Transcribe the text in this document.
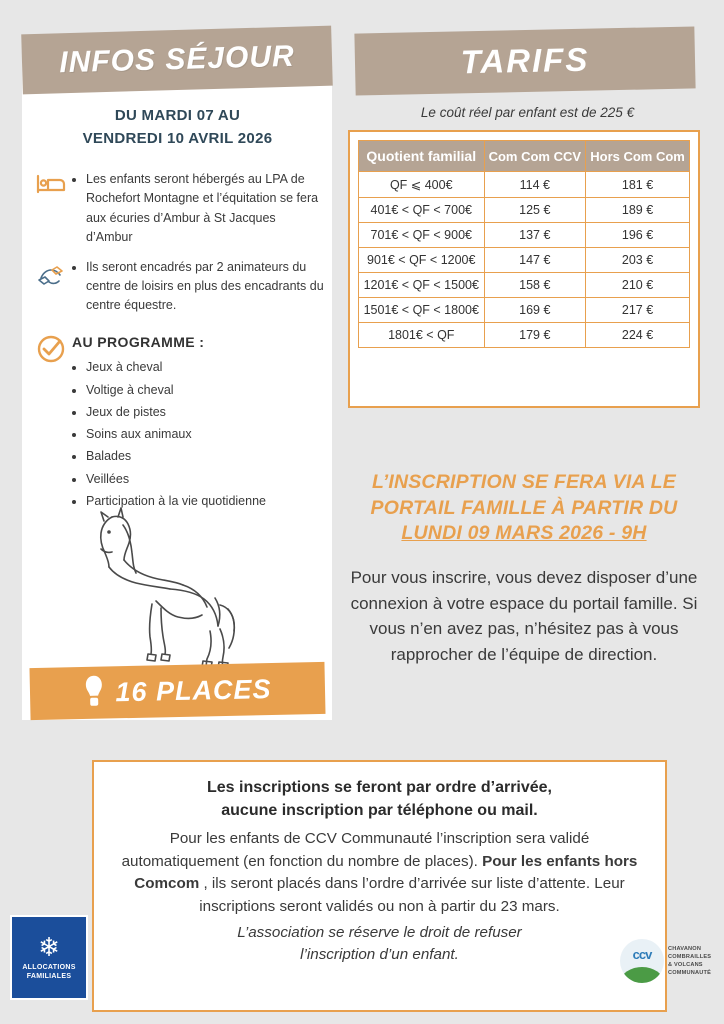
INFOS SÉJOUR
DU MARDI 07 AU
VENDREDI 10 AVRIL 2026
• Les enfants seront hébergés au LPA de Rochefort Montagne et l’équitation se fera aux écuries d’Ambur à St Jacques d’Ambur
• Ils seront encadrés par 2 animateurs du centre de loisirs en plus des encadrants du centre équestre.
AU PROGRAMME :
• Jeux à cheval
• Voltige à cheval
• Jeux de pistes
• Soins aux animaux
• Balades
• Veillées
• Participation à la vie quotidienne
16 PLACES
TARIFS
Le coût réel par enfant est de 225 €
Quotient familial	Com Com CCV	Hors Com Com
QF ⩽ 400€	114 €	181 €
401€ < QF < 700€	125 €	189 €
701€ < QF < 900€	137 €	196 €
901€ < QF < 1200€	147 €	203 €
1201€ < QF < 1500€	158 €	210 €
1501€ < QF < 1800€	169 €	217 €
1801€ < QF	179 €	224 €
L’INSCRIPTION SE FERA VIA LE
PORTAIL FAMILLE À PARTIR DU
LUNDI 09 MARS 2026 - 9H
Pour vous inscrire, vous devez disposer d’une connexion à votre espace du portail famille. Si vous n’en avez pas, n’hésitez pas à vous rapprocher de l’équipe de direction.
Les inscriptions se feront par ordre d’arrivée,
aucune inscription par téléphone ou mail.
Pour les enfants de CCV Communauté l’inscription sera validé automatiquement (en fonction du nombre de places). Pour les enfants hors Comcom , ils seront placés dans l’ordre d’arrivée sur liste d’attente. Leur inscriptions seront validés ou non à partir du 23 mars.
L’association se réserve le droit de refuser
l’inscription d’un enfant.
❄
ALLOCATIONS
FAMILIALES
ccv	CHAVANON
COMBRAILLES
& VOLCANS
COMMUNAUTÉ
